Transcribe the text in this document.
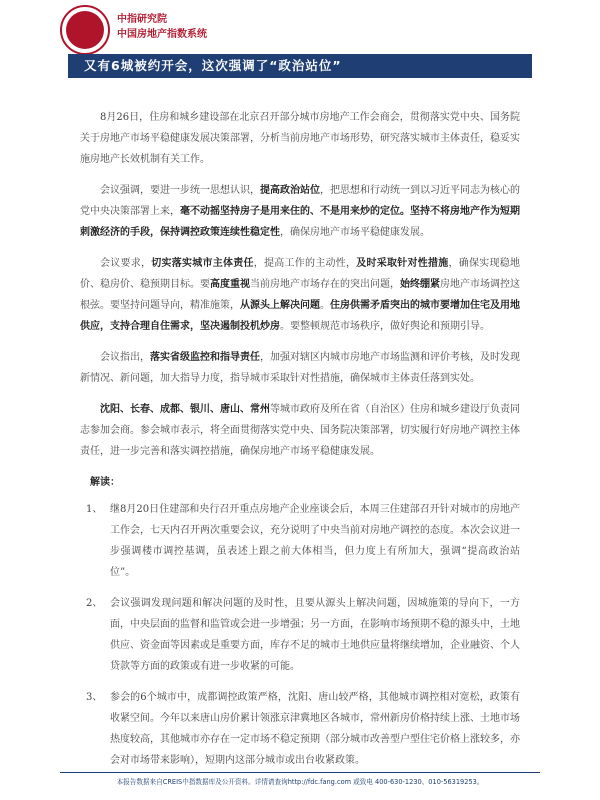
中指研究院
中国房地产指数系统
又有6城被约开会，这次强调了“政治站位”

8月26日，住房和城乡建设部在北京召开部分城市房地产工作会商会，贯彻落实党中央、国务院关于房地产市场平稳健康发展决策部署，分析当前房地产市场形势，研究落实城市主体责任，稳妥实施房地产长效机制有关工作。

会议强调，要进一步统一思想认识，提高政治站位，把思想和行动统一到以习近平同志为核心的党中央决策部署上来，毫不动摇坚持房子是用来住的、不是用来炒的定位。坚持不将房地产作为短期刺激经济的手段，保持调控政策连续性稳定性，确保房地产市场平稳健康发展。

会议要求，切实落实城市主体责任，提高工作的主动性，及时采取针对性措施，确保实现稳地价、稳房价、稳预期目标。要高度重视当前房地产市场存在的突出问题，始终绷紧房地产市场调控这根弦。要坚持问题导向，精准施策，从源头上解决问题。住房供需矛盾突出的城市要增加住宅及用地供应，支持合理自住需求，坚决遏制投机炒房。要整顿规范市场秩序，做好舆论和预期引导。

会议指出，落实省级监控和指导责任，加强对辖区内城市房地产市场监测和评价考核，及时发现新情况、新问题，加大指导力度，指导城市采取针对性措施，确保城市主体责任落到实处。

沈阳、长春、成都、银川、唐山、常州等城市政府及所在省（自治区）住房和城乡建设厅负责同志参加会商。参会城市表示，将全面贯彻落实党中央、国务院决策部署，切实履行好房地产调控主体责任，进一步完善和落实调控措施，确保房地产市场平稳健康发展。

解读：
1、 继8月20日住建部和央行召开重点房地产企业座谈会后，本周三住建部召开针对城市的房地产工作会，七天内召开两次重要会议，充分说明了中央当前对房地产调控的态度。本次会议进一步强调楼市调控基调，虽表述上跟之前大体相当，但力度上有所加大，强调“提高政治站位”。
2、 会议强调发现问题和解决问题的及时性，且要从源头上解决问题，因城施策的导向下，一方面，中央层面的监督和监管或会进一步增强；另一方面，在影响市场预期不稳的源头中，土地供应、资金面等因素或是重要方面，库存不足的城市土地供应量将继续增加，企业融资、个人贷款等方面的政策或有进一步收紧的可能。
3、 参会的6个城市中，成都调控政策严格，沈阳、唐山较严格，其他城市调控相对宽松，政策有收紧空间。今年以来唐山房价累计领涨京津冀地区各城市，常州新房价格持续上涨、土地市场热度较高，其他城市亦存在一定市场不稳定预期（部分城市改善型户型住宅价格上涨较多，亦会对市场带来影响），短期内这部分城市或出台收紧政策。
本报告数据来自CREIS中指数据库及公开资料。详情请查询http://fdc.fang.com 或致电 400-630-1230、010-56319253。
